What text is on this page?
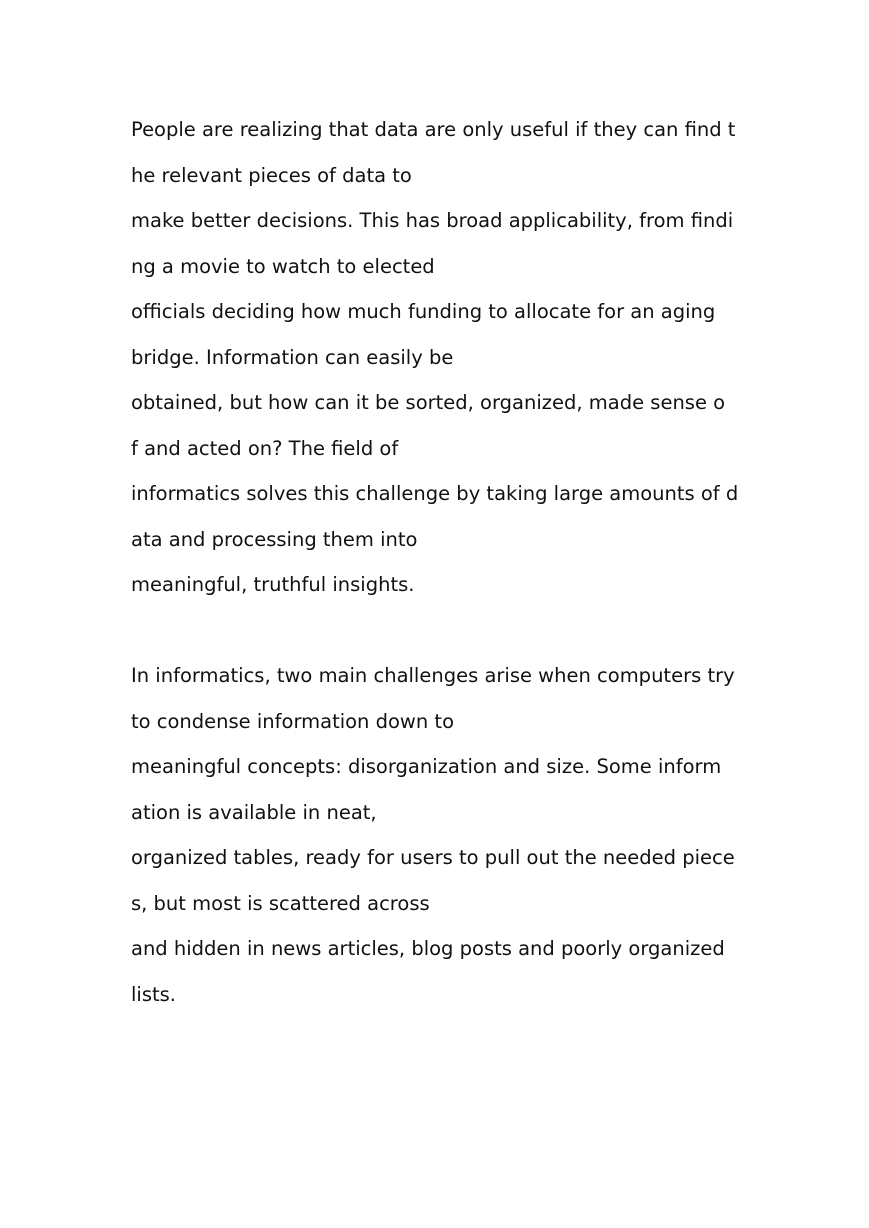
People are realizing that data are only useful if they can find t
he relevant pieces of data to
make better decisions. This has broad applicability, from findi
ng a movie to watch to elected
officials deciding how much funding to allocate for an aging
bridge. Information can easily be
obtained, but how can it be sorted, organized, made sense o
f and acted on? The field of
informatics solves this challenge by taking large amounts of d
ata and processing them into
meaningful, truthful insights.
In informatics, two main challenges arise when computers try
to condense information down to
meaningful concepts: disorganization and size. Some inform
ation is available in neat,
organized tables, ready for users to pull out the needed piece
s, but most is scattered across
and hidden in news articles, blog posts and poorly organized
lists.
